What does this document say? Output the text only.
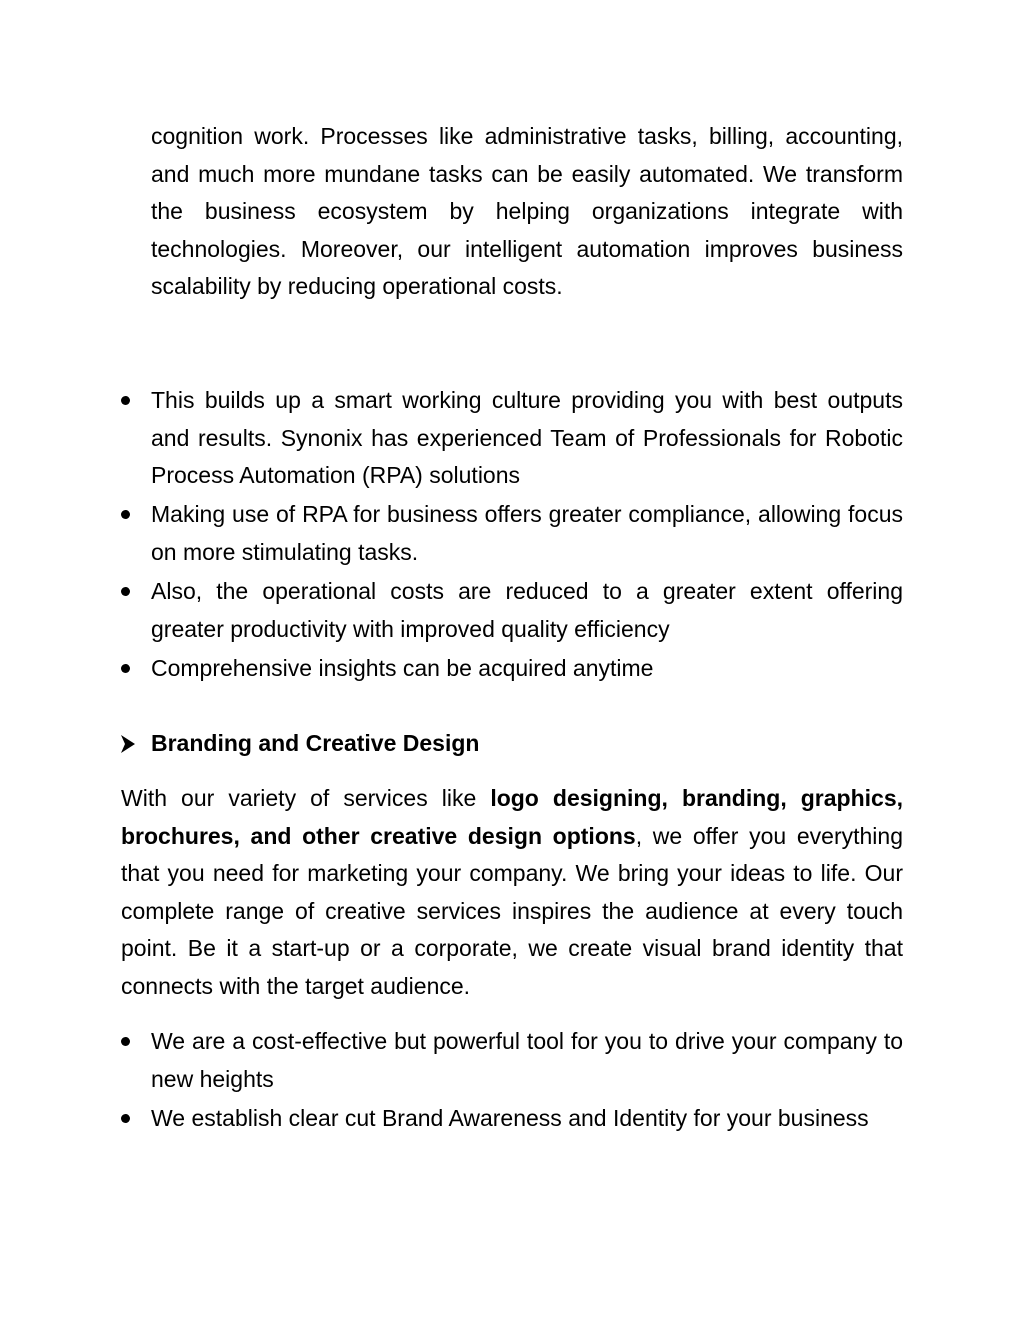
cognition work. Processes like administrative tasks, billing, accounting, and much more mundane tasks can be easily automated. We transform the business ecosystem by helping organizations integrate with technologies. Moreover, our intelligent automation improves business scalability by reducing operational costs.

This builds up a smart working culture providing you with best outputs and results. Synonix has experienced Team of Professionals for Robotic Process Automation (RPA) solutions
Making use of RPA for business offers greater compliance, allowing focus on more stimulating tasks.
Also, the operational costs are reduced to a greater extent offering greater productivity with improved quality efficiency
Comprehensive insights can be acquired anytime
Branding and Creative Design

With our variety of services like logo designing, branding, graphics, brochures, and other creative design options, we offer you everything that you need for marketing your company. We bring your ideas to life. Our complete range of creative services inspires the audience at every touch point. Be it a start-up or a corporate, we create visual brand identity that connects with the target audience.

We are a cost-effective but powerful tool for you to drive your company to new heights
We establish clear cut Brand Awareness and Identity for your business
